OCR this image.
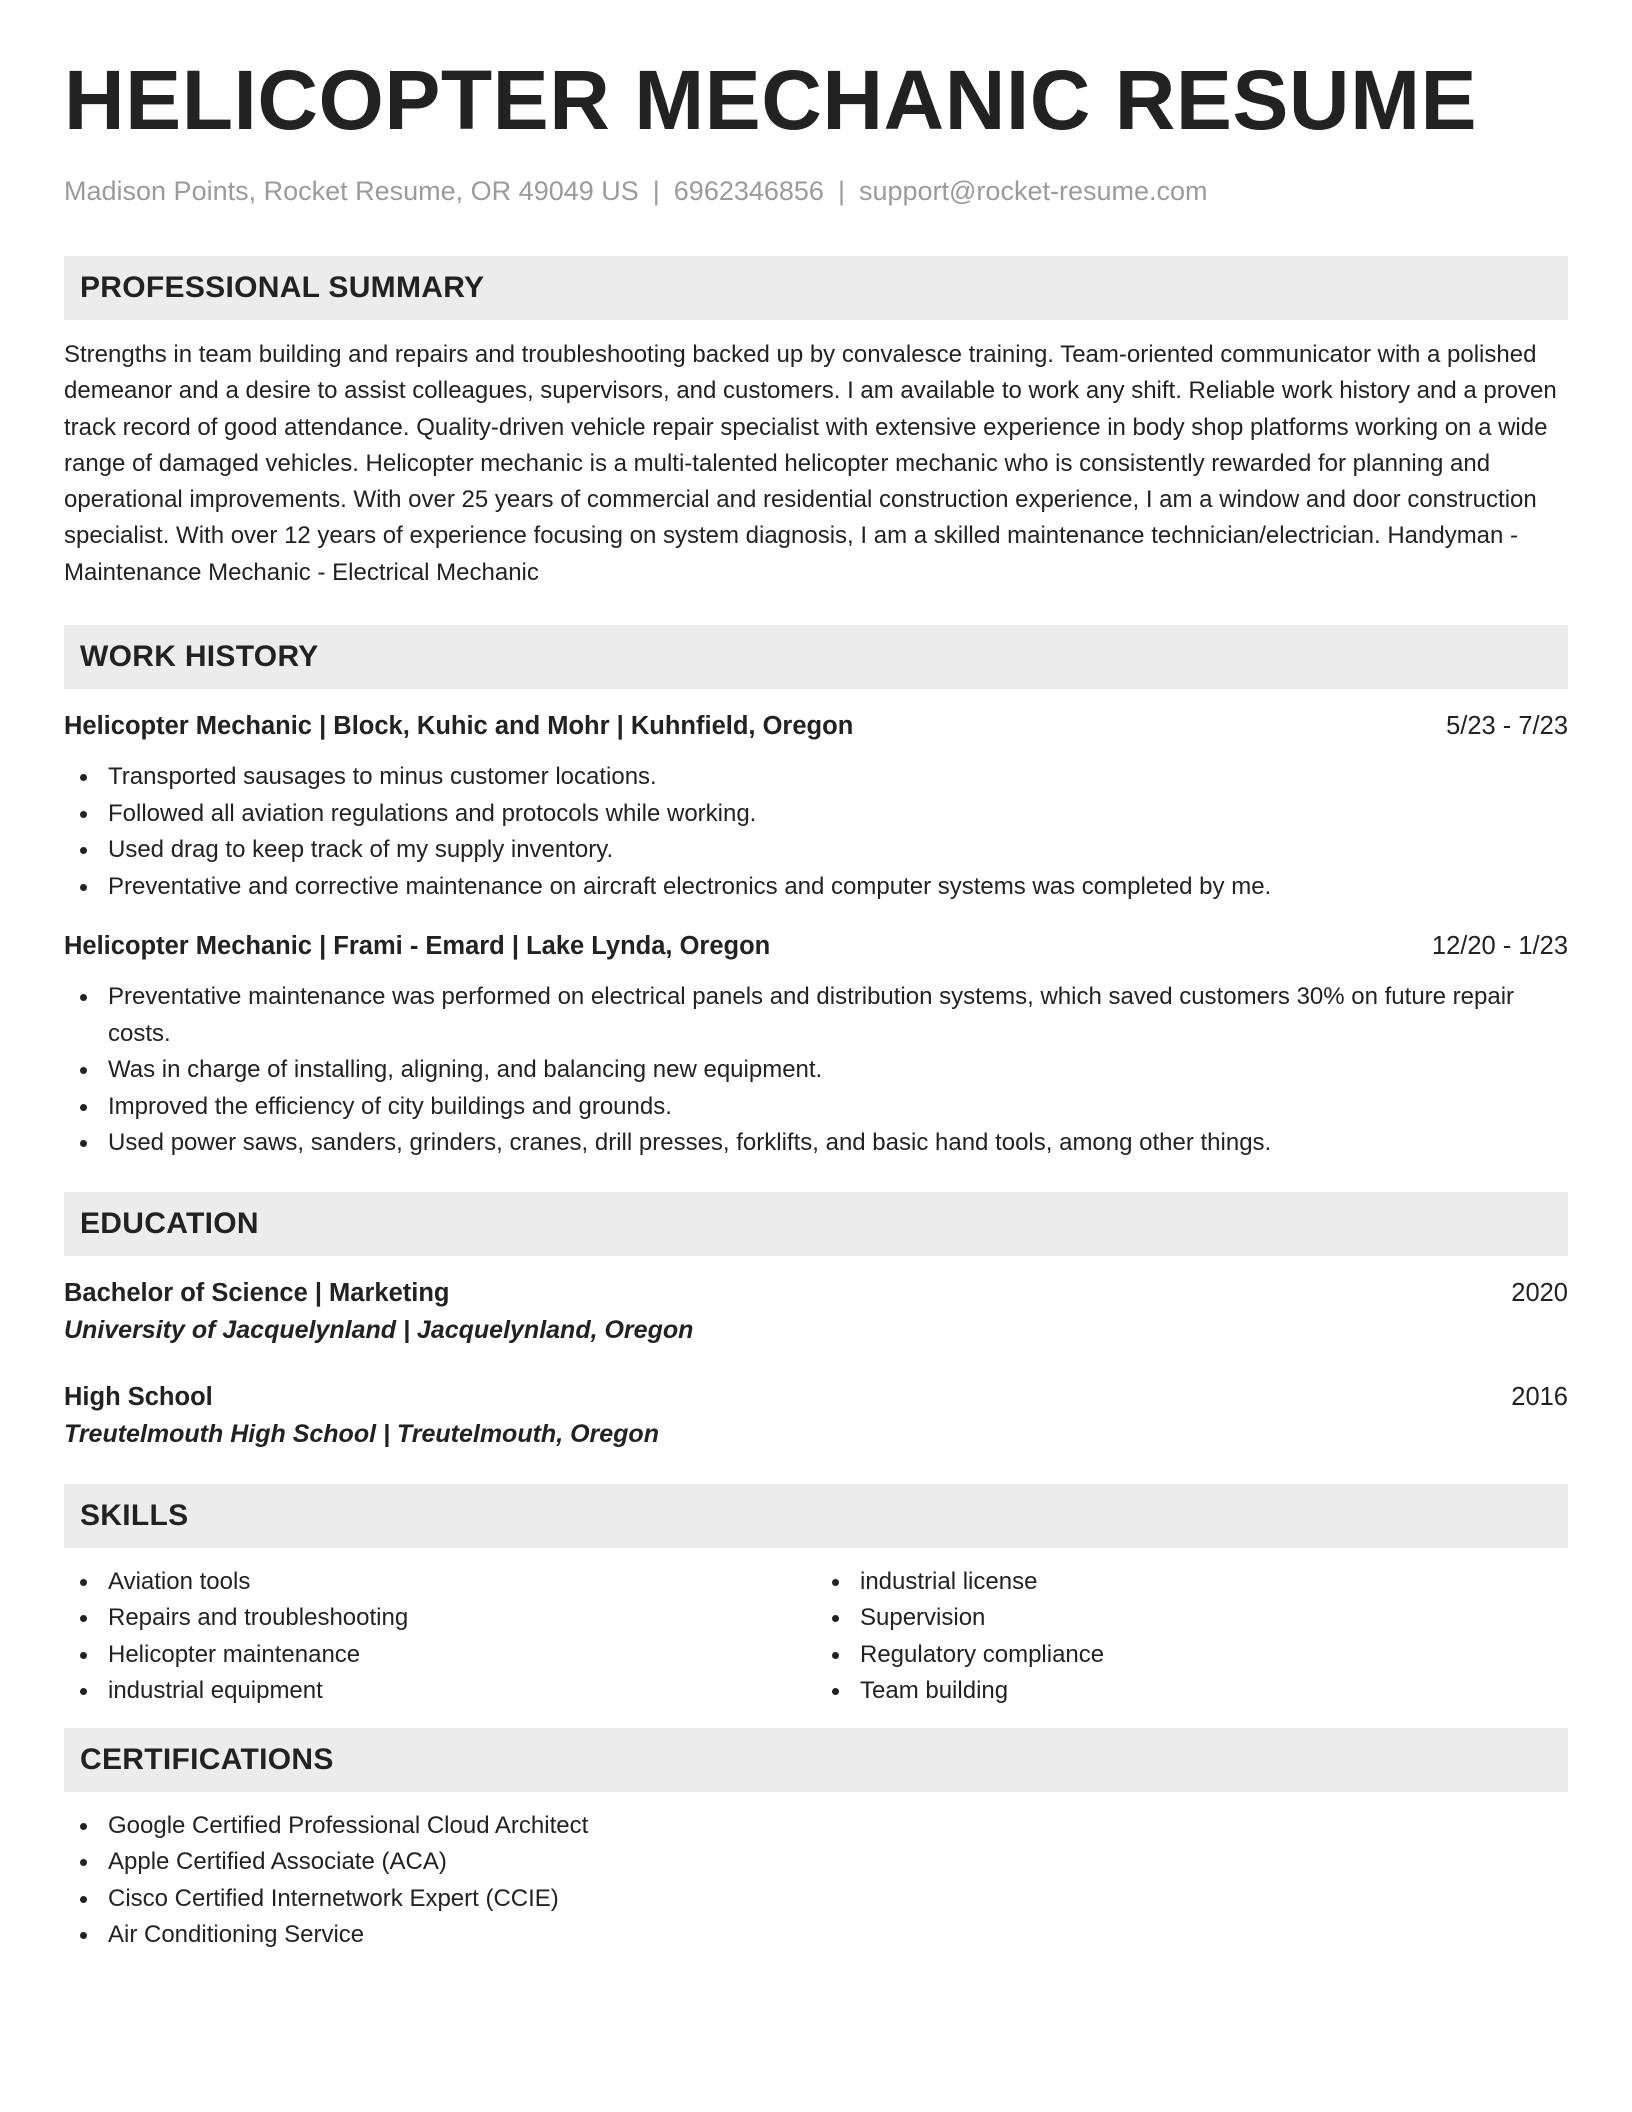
HELICOPTER MECHANIC RESUME
Madison Points, Rocket Resume, OR 49049 US | 6962346856 | support@rocket-resume.com
PROFESSIONAL SUMMARY
Strengths in team building and repairs and troubleshooting backed up by convalesce training. Team-oriented communicator with a polished demeanor and a desire to assist colleagues, supervisors, and customers. I am available to work any shift. Reliable work history and a proven track record of good attendance. Quality-driven vehicle repair specialist with extensive experience in body shop platforms working on a wide range of damaged vehicles. Helicopter mechanic is a multi-talented helicopter mechanic who is consistently rewarded for planning and operational improvements. With over 25 years of commercial and residential construction experience, I am a window and door construction specialist. With over 12 years of experience focusing on system diagnosis, I am a skilled maintenance technician/electrician. Handyman - Maintenance Mechanic - Electrical Mechanic
WORK HISTORY
Helicopter Mechanic | Block, Kuhic and Mohr | Kuhnfield, Oregon	5/23 - 7/23
Transported sausages to minus customer locations.
Followed all aviation regulations and protocols while working.
Used drag to keep track of my supply inventory.
Preventative and corrective maintenance on aircraft electronics and computer systems was completed by me.
Helicopter Mechanic | Frami - Emard | Lake Lynda, Oregon	12/20 - 1/23
Preventative maintenance was performed on electrical panels and distribution systems, which saved customers 30% on future repair costs.
Was in charge of installing, aligning, and balancing new equipment.
Improved the efficiency of city buildings and grounds.
Used power saws, sanders, grinders, cranes, drill presses, forklifts, and basic hand tools, among other things.
EDUCATION
Bachelor of Science | Marketing	2020
University of Jacquelynland | Jacquelynland, Oregon
High School	2016
Treutelmouth High School | Treutelmouth, Oregon
SKILLS
Aviation tools
Repairs and troubleshooting
Helicopter maintenance
industrial equipment
industrial license
Supervision
Regulatory compliance
Team building
CERTIFICATIONS
Google Certified Professional Cloud Architect
Apple Certified Associate (ACA)
Cisco Certified Internetwork Expert (CCIE)
Air Conditioning Service
